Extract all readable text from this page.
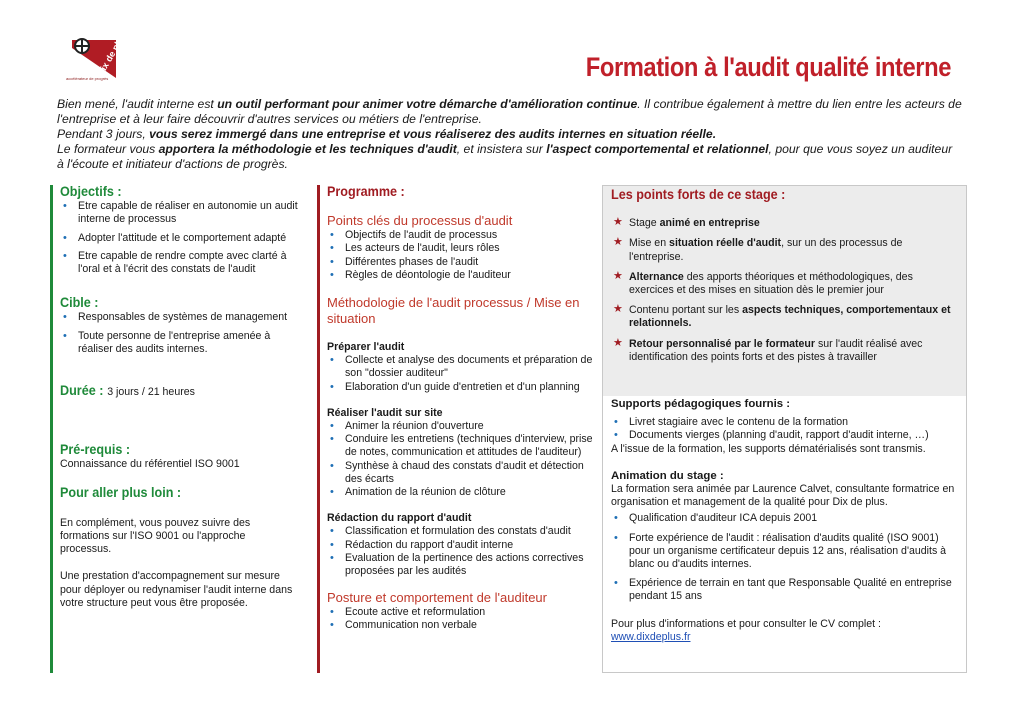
dix de plus
accélérateur de progrès	Formation à l'audit qualité interne
Bien mené, l'audit interne est un outil performant pour animer votre démarche d'amélioration continue. Il contribue également à mettre du lien entre les acteurs de l'entreprise et à leur faire découvrir d'autres services ou métiers de l'entreprise.
Pendant 3 jours, vous serez immergé dans une entreprise et vous réaliserez des audits internes en situation réelle.
Le formateur vous apportera la méthodologie et les techniques d'audit, et insistera sur l'aspect comportemental et relationnel, pour que vous soyez un auditeur à l'écoute et initiateur d'actions de progrès.
Objectifs :
• Etre capable de réaliser en autonomie un audit interne de processus
• Adopter l'attitude et le comportement adapté
• Etre capable de rendre compte avec clarté à l'oral et à l'écrit des constats de l'audit
Cible :
• Responsables de systèmes de management
• Toute personne de l'entreprise amenée à réaliser des audits internes.
Durée : 3 jours / 21 heures
Pré-requis :
Connaissance du référentiel ISO 9001
Pour aller plus loin :
En complément, vous pouvez suivre des formations sur l'ISO 9001 ou l'approche processus.
Une prestation d'accompagnement sur mesure pour déployer ou redynamiser l'audit interne dans votre structure peut vous être proposée.
Programme :
Points clés du processus d'audit
• Objectifs de l'audit de processus
• Les acteurs de l'audit, leurs rôles
• Différentes phases de l'audit
• Règles de déontologie de l'auditeur
Méthodologie de l'audit processus / Mise en situation
Préparer l'audit
• Collecte et analyse des documents et préparation de son "dossier auditeur"
• Elaboration d'un guide d'entretien et d'un planning
Réaliser l'audit sur site
• Animer la réunion d'ouverture
• Conduire les entretiens (techniques d'interview, prise de notes, communication et attitudes de l'auditeur)
• Synthèse à chaud des constats d'audit et détection des écarts
• Animation de la réunion de clôture
Rédaction du rapport d'audit
• Classification et formulation des constats d'audit
• Rédaction du rapport d'audit interne
• Evaluation de la pertinence des actions correctives proposées par les audités
Posture et comportement de l'auditeur
• Ecoute active et reformulation
• Communication non verbale
Les points forts de ce stage :
★ Stage animé en entreprise
★ Mise en situation réelle d'audit, sur un des processus de l'entreprise.
★ Alternance des apports théoriques et méthodologiques, des exercices et des mises en situation dès le premier jour
★ Contenu portant sur les aspects techniques, comportementaux et relationnels.
★ Retour personnalisé par le formateur sur l'audit réalisé avec identification des points forts et des pistes à travailler
Supports pédagogiques fournis :
• Livret stagiaire avec le contenu de la formation
• Documents vierges (planning d'audit, rapport d'audit interne, …)
A l'issue de la formation, les supports dématérialisés sont transmis.
Animation du stage :
La formation sera animée par Laurence Calvet, consultante formatrice en organisation et management de la qualité pour Dix de plus.
• Qualification d'auditeur ICA depuis 2001
• Forte expérience de l'audit : réalisation d'audits qualité (ISO 9001) pour un organisme certificateur depuis 12 ans, réalisation d'audits à blanc ou d'audits internes.
• Expérience de terrain en tant que Responsable Qualité en entreprise pendant 15 ans
Pour plus d'informations et pour consulter le CV complet :
www.dixdeplus.fr
